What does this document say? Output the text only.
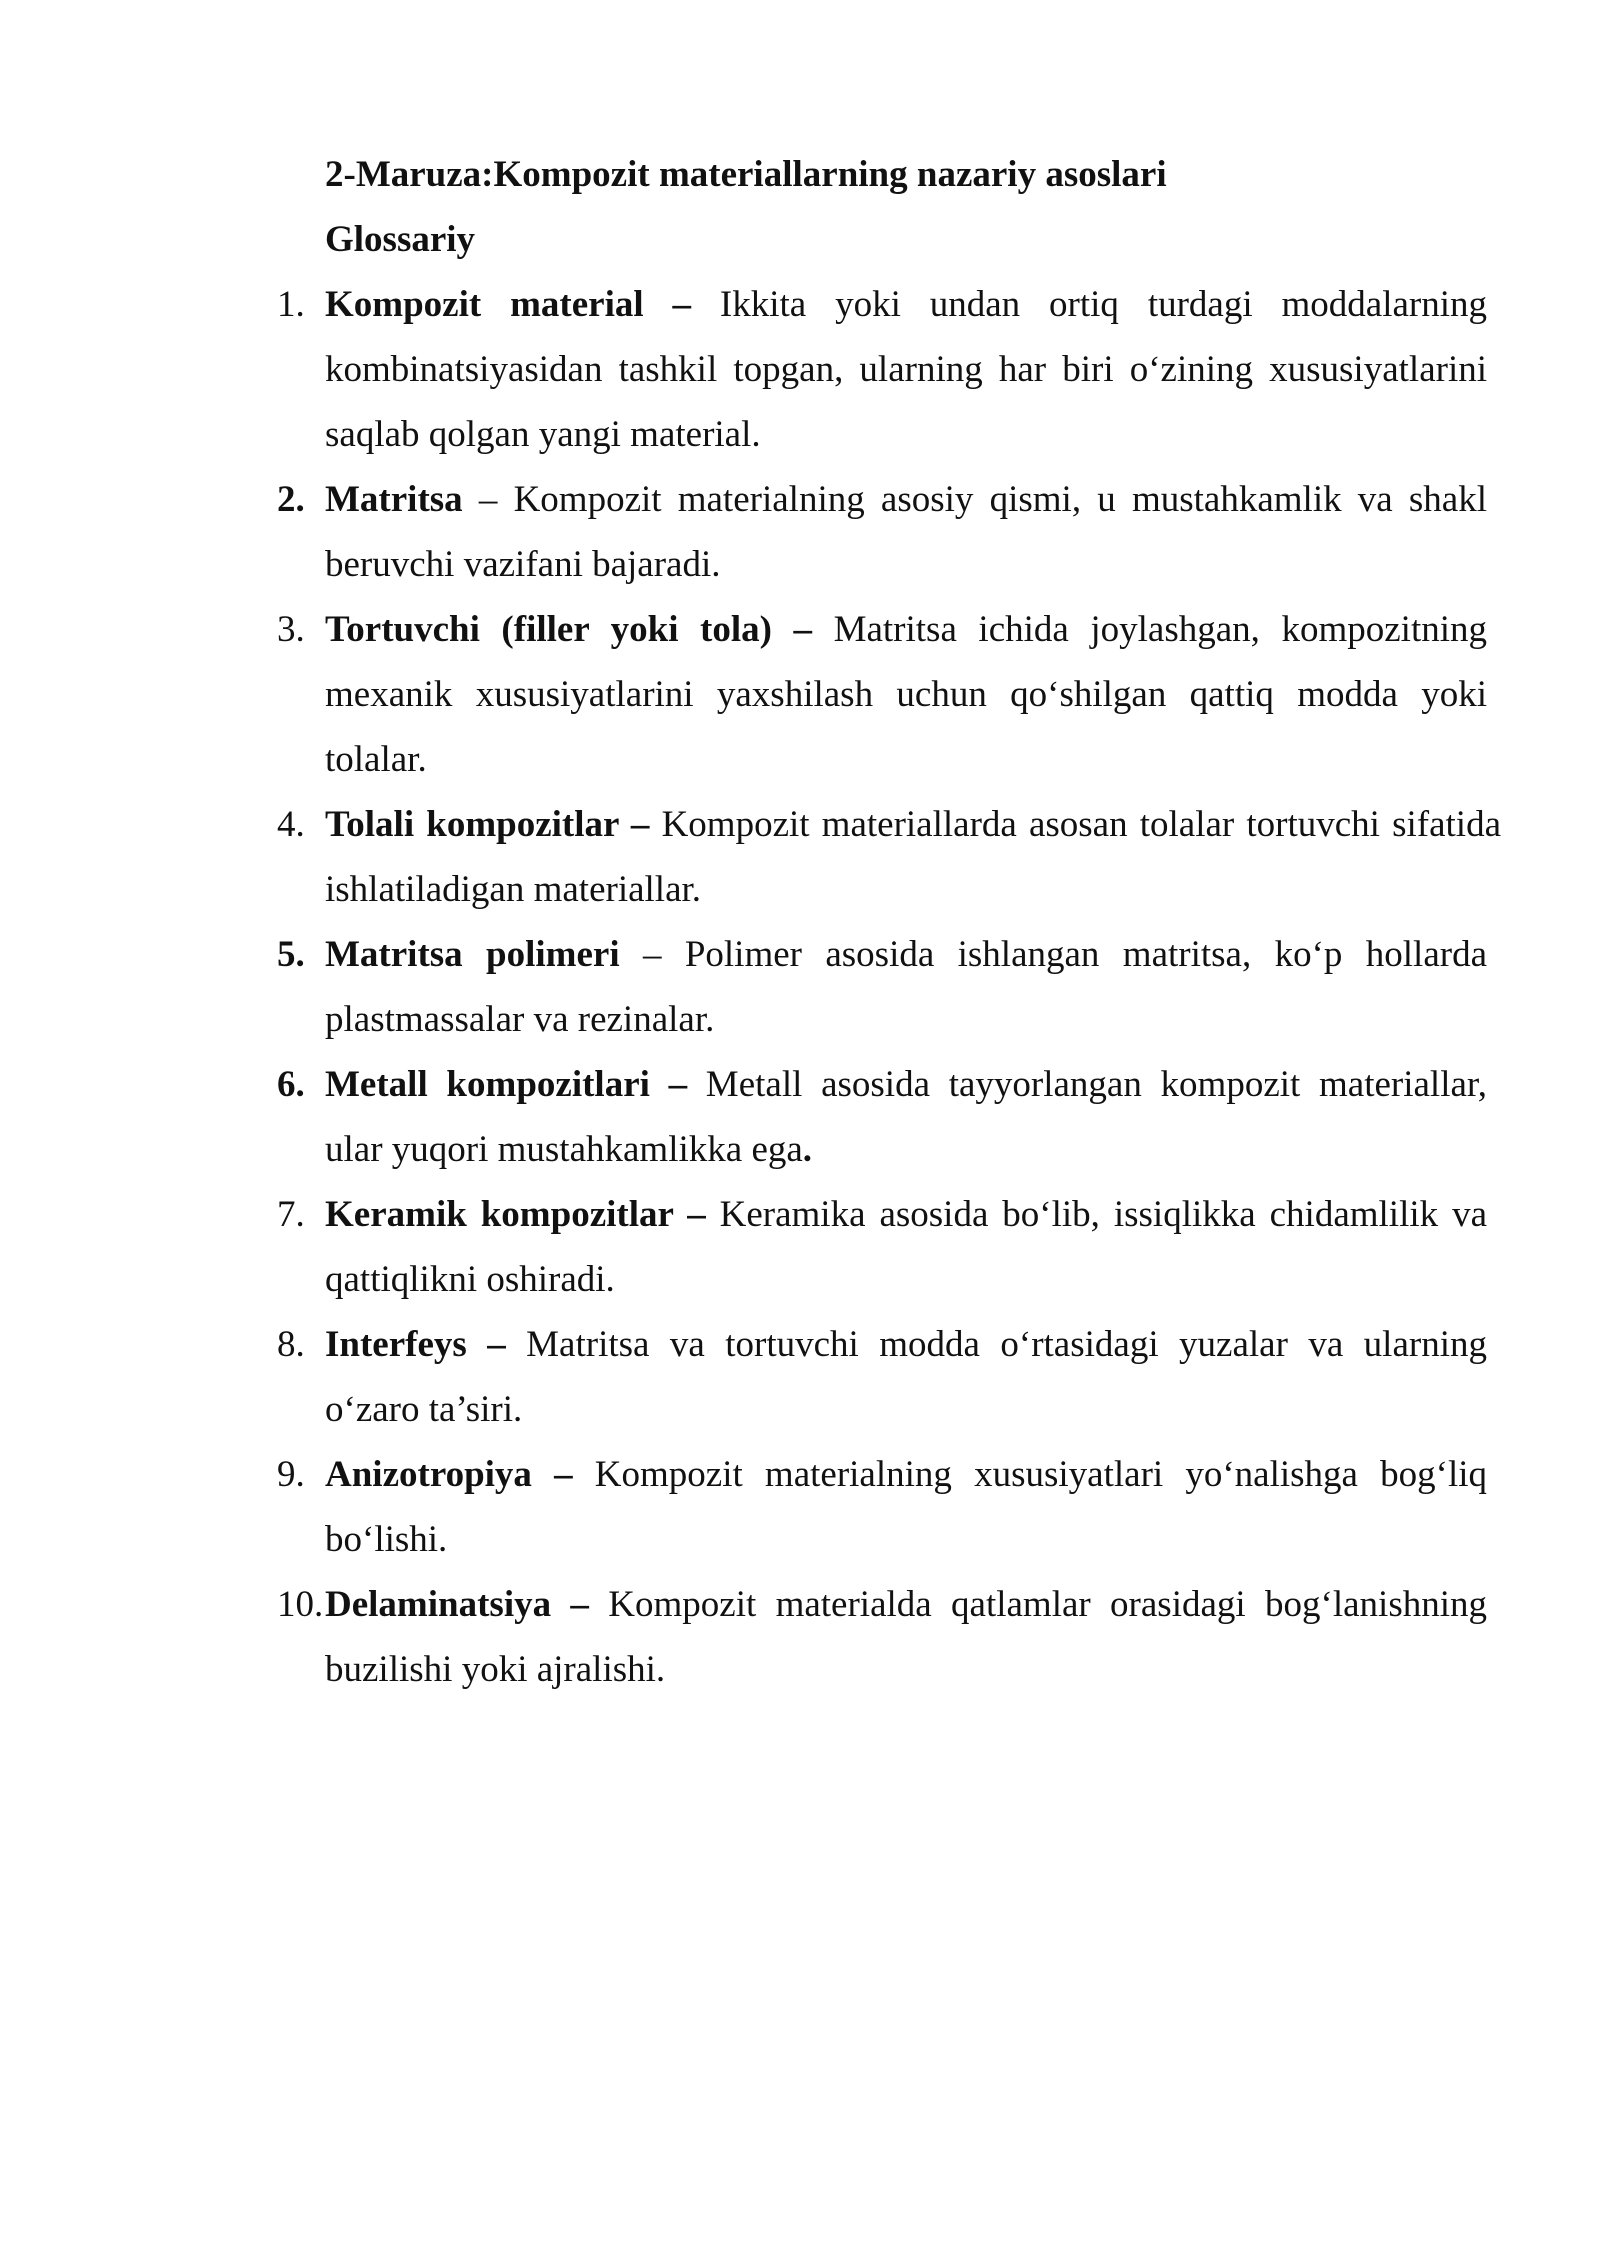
2-Maruza:Kompozit materiallarning nazariy asoslari
Glossariy
1. Kompozit material – Ikkita yoki undan ortiq turdagi moddalarning kombinatsiyasidan tashkil topgan, ularning har biri o‘zining xususiyatlarini saqlab qolgan yangi material.
2. Matritsa – Kompozit materialning asosiy qismi, u mustahkamlik va shakl beruvchi vazifani bajaradi.
3. Tortuvchi (filler yoki tola) – Matritsa ichida joylashgan, kompozitning mexanik xususiyatlarini yaxshilash uchun qo‘shilgan qattiq modda yoki tolalar.
4. Tolali kompozitlar – Kompozit materiallarda asosan tolalar tortuvchi sifatida ishlatiladigan materiallar.
5. Matritsa polimeri – Polimer asosida ishlangan matritsa, ko‘p hollarda plastmassalar va rezinalar.
6. Metall kompozitlari – Metall asosida tayyorlangan kompozit materiallar, ular yuqori mustahkamlikka ega.
7. Keramik kompozitlar – Keramika asosida bo‘lib, issiqlikka chidamlilik va qattiqlikni oshiradi.
8. Interfeys – Matritsa va tortuvchi modda o‘rtasidagi yuzalar va ularning o‘zaro ta’siri.
9. Anizotropiya – Kompozit materialning xususiyatlari yo‘nalishga bog‘liq bo‘lishi.
10. Delaminatsiya – Kompozit materialda qatlamlar orasidagi bog‘lanishning buzilishi yoki ajralishi.
